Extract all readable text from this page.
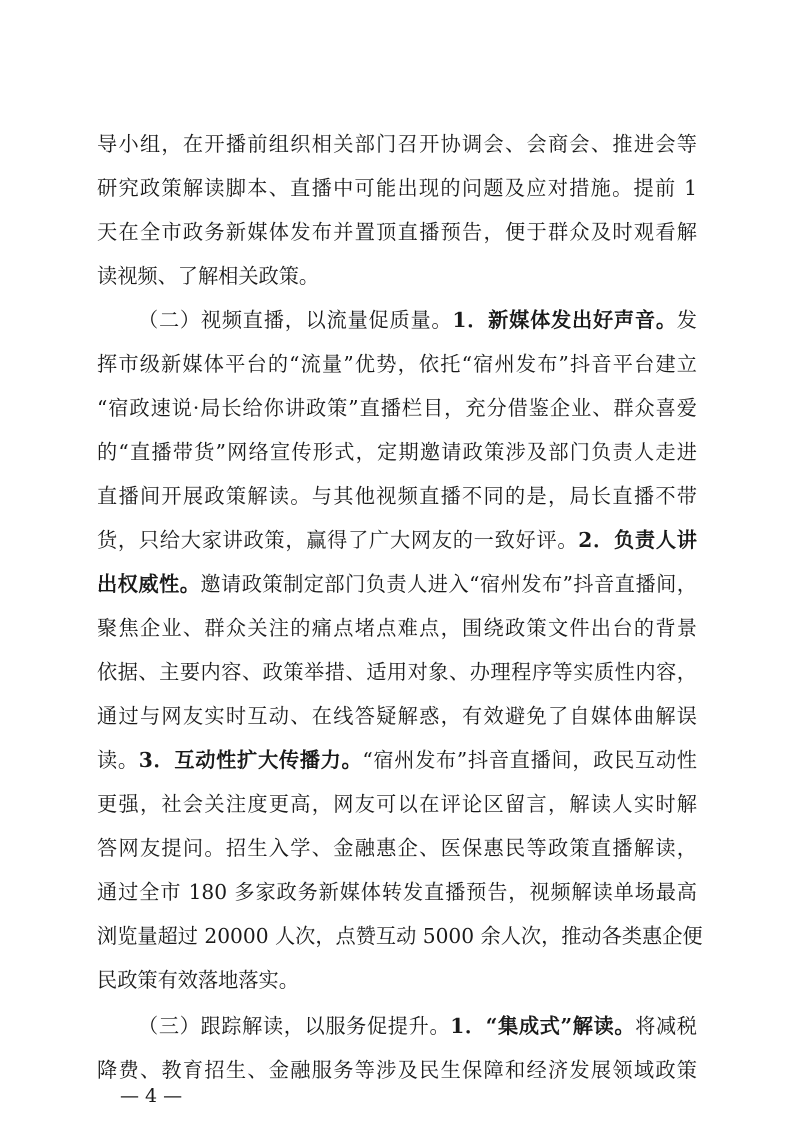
导小组，在开播前组织相关部门召开协调会、会商会、推进会等
研究政策解读脚本、直播中可能出现的问题及应对措施。提前 1
天在全市政务新媒体发布并置顶直播预告，便于群众及时观看解
读视频、了解相关政策。
（二）视频直播，以流量促质量。1．新媒体发出好声音。发
挥市级新媒体平台的“流量”优势，依托“宿州发布”抖音平台建立
“宿政速说·局长给你讲政策”直播栏目，充分借鉴企业、群众喜爱
的“直播带货”网络宣传形式，定期邀请政策涉及部门负责人走进
直播间开展政策解读。与其他视频直播不同的是，局长直播不带
货，只给大家讲政策，赢得了广大网友的一致好评。2．负责人讲
出权威性。邀请政策制定部门负责人进入“宿州发布”抖音直播间，
聚焦企业、群众关注的痛点堵点难点，围绕政策文件出台的背景
依据、主要内容、政策举措、适用对象、办理程序等实质性内容，
通过与网友实时互动、在线答疑解惑，有效避免了自媒体曲解误
读。3．互动性扩大传播力。“宿州发布”抖音直播间，政民互动性
更强，社会关注度更高，网友可以在评论区留言，解读人实时解
答网友提问。招生入学、金融惠企、医保惠民等政策直播解读，
通过全市 180 多家政务新媒体转发直播预告，视频解读单场最高
浏览量超过 20000 人次，点赞互动 5000 余人次，推动各类惠企便
民政策有效落地落实。
（三）跟踪解读，以服务促提升。1．“集成式”解读。将减税
降费、教育招生、金融服务等涉及民生保障和经济发展领域政策
— 4 —
